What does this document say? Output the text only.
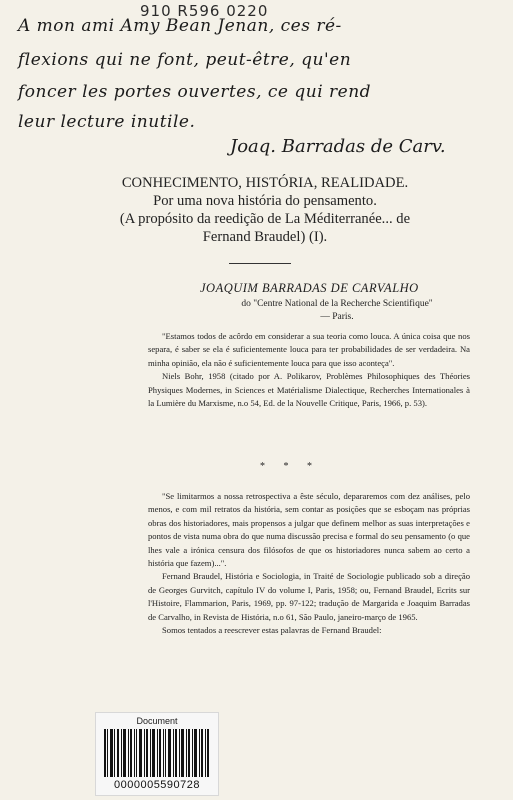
910 R596 0220
A mon ami Amy Bean Jenan, ces ré-
flexions qui ne font, peut-être, qu'en
foncer les portes ouvertes, ce qui rend
leur lecture inutile.
Joaq. Barradas de Carv.
CONHECIMENTO, HISTÓRIA, REALIDADE.
Por uma nova história do pensamento.
(A propósito da reedição de La Méditerranée... de
Fernand Braudel) (I).
JOAQUIM BARRADAS DE CARVALHO
do "Centre National de la Recherche Scientifique"
— Paris.

"Estamos todos de acôrdo em considerar a sua teoria como louca. A única coisa que nos separa, é saber se ela é suficientemente louca para ter probabilidades de ser verdadeira. Na minha opinião, ela não é suficientemente louca para que isso aconteça".

Niels Bohr, 1958 (citado por A. Polikarov, Problèmes Philosophiques des Théories Physiques Modernes, in Sciences et Matérialisme Dialectique, Recherches Internationales à la Lumière du Marxisme, n.o 54, Ed. de la Nouvelle Critique, Paris, 1966, p. 53).

* * *

"Se limitarmos a nossa retrospectiva a êste século, depararemos com dez análises, pelo menos, e com mil retratos da história, sem contar as posições que se esboçam nas próprias obras dos historiadores, mais propensos a julgar que definem melhor as suas interpretações e pontos de vista numa obra do que numa discussão precisa e formal do seu pensamento (o que lhes vale a irónica censura dos filósofos de que os historiadores nunca sabem ao certo a história que fazem)...".

Fernand Braudel, História e Sociologia, in Traité de Sociologie publicado sob a direção de Georges Gurvitch, capítulo IV do volume I, Paris, 1958; ou, Fernand Braudel, Ecrits sur l'Histoire, Flammarion, Paris, 1969, pp. 97-122; tradução de Margarida e Joaquim Barradas de Carvalho, in Revista de História, n.o 61, São Paulo, janeiro-março de 1965.

Somos tentados a reescrever estas palavras de Fernand Braudel:

Document
0000005590728
